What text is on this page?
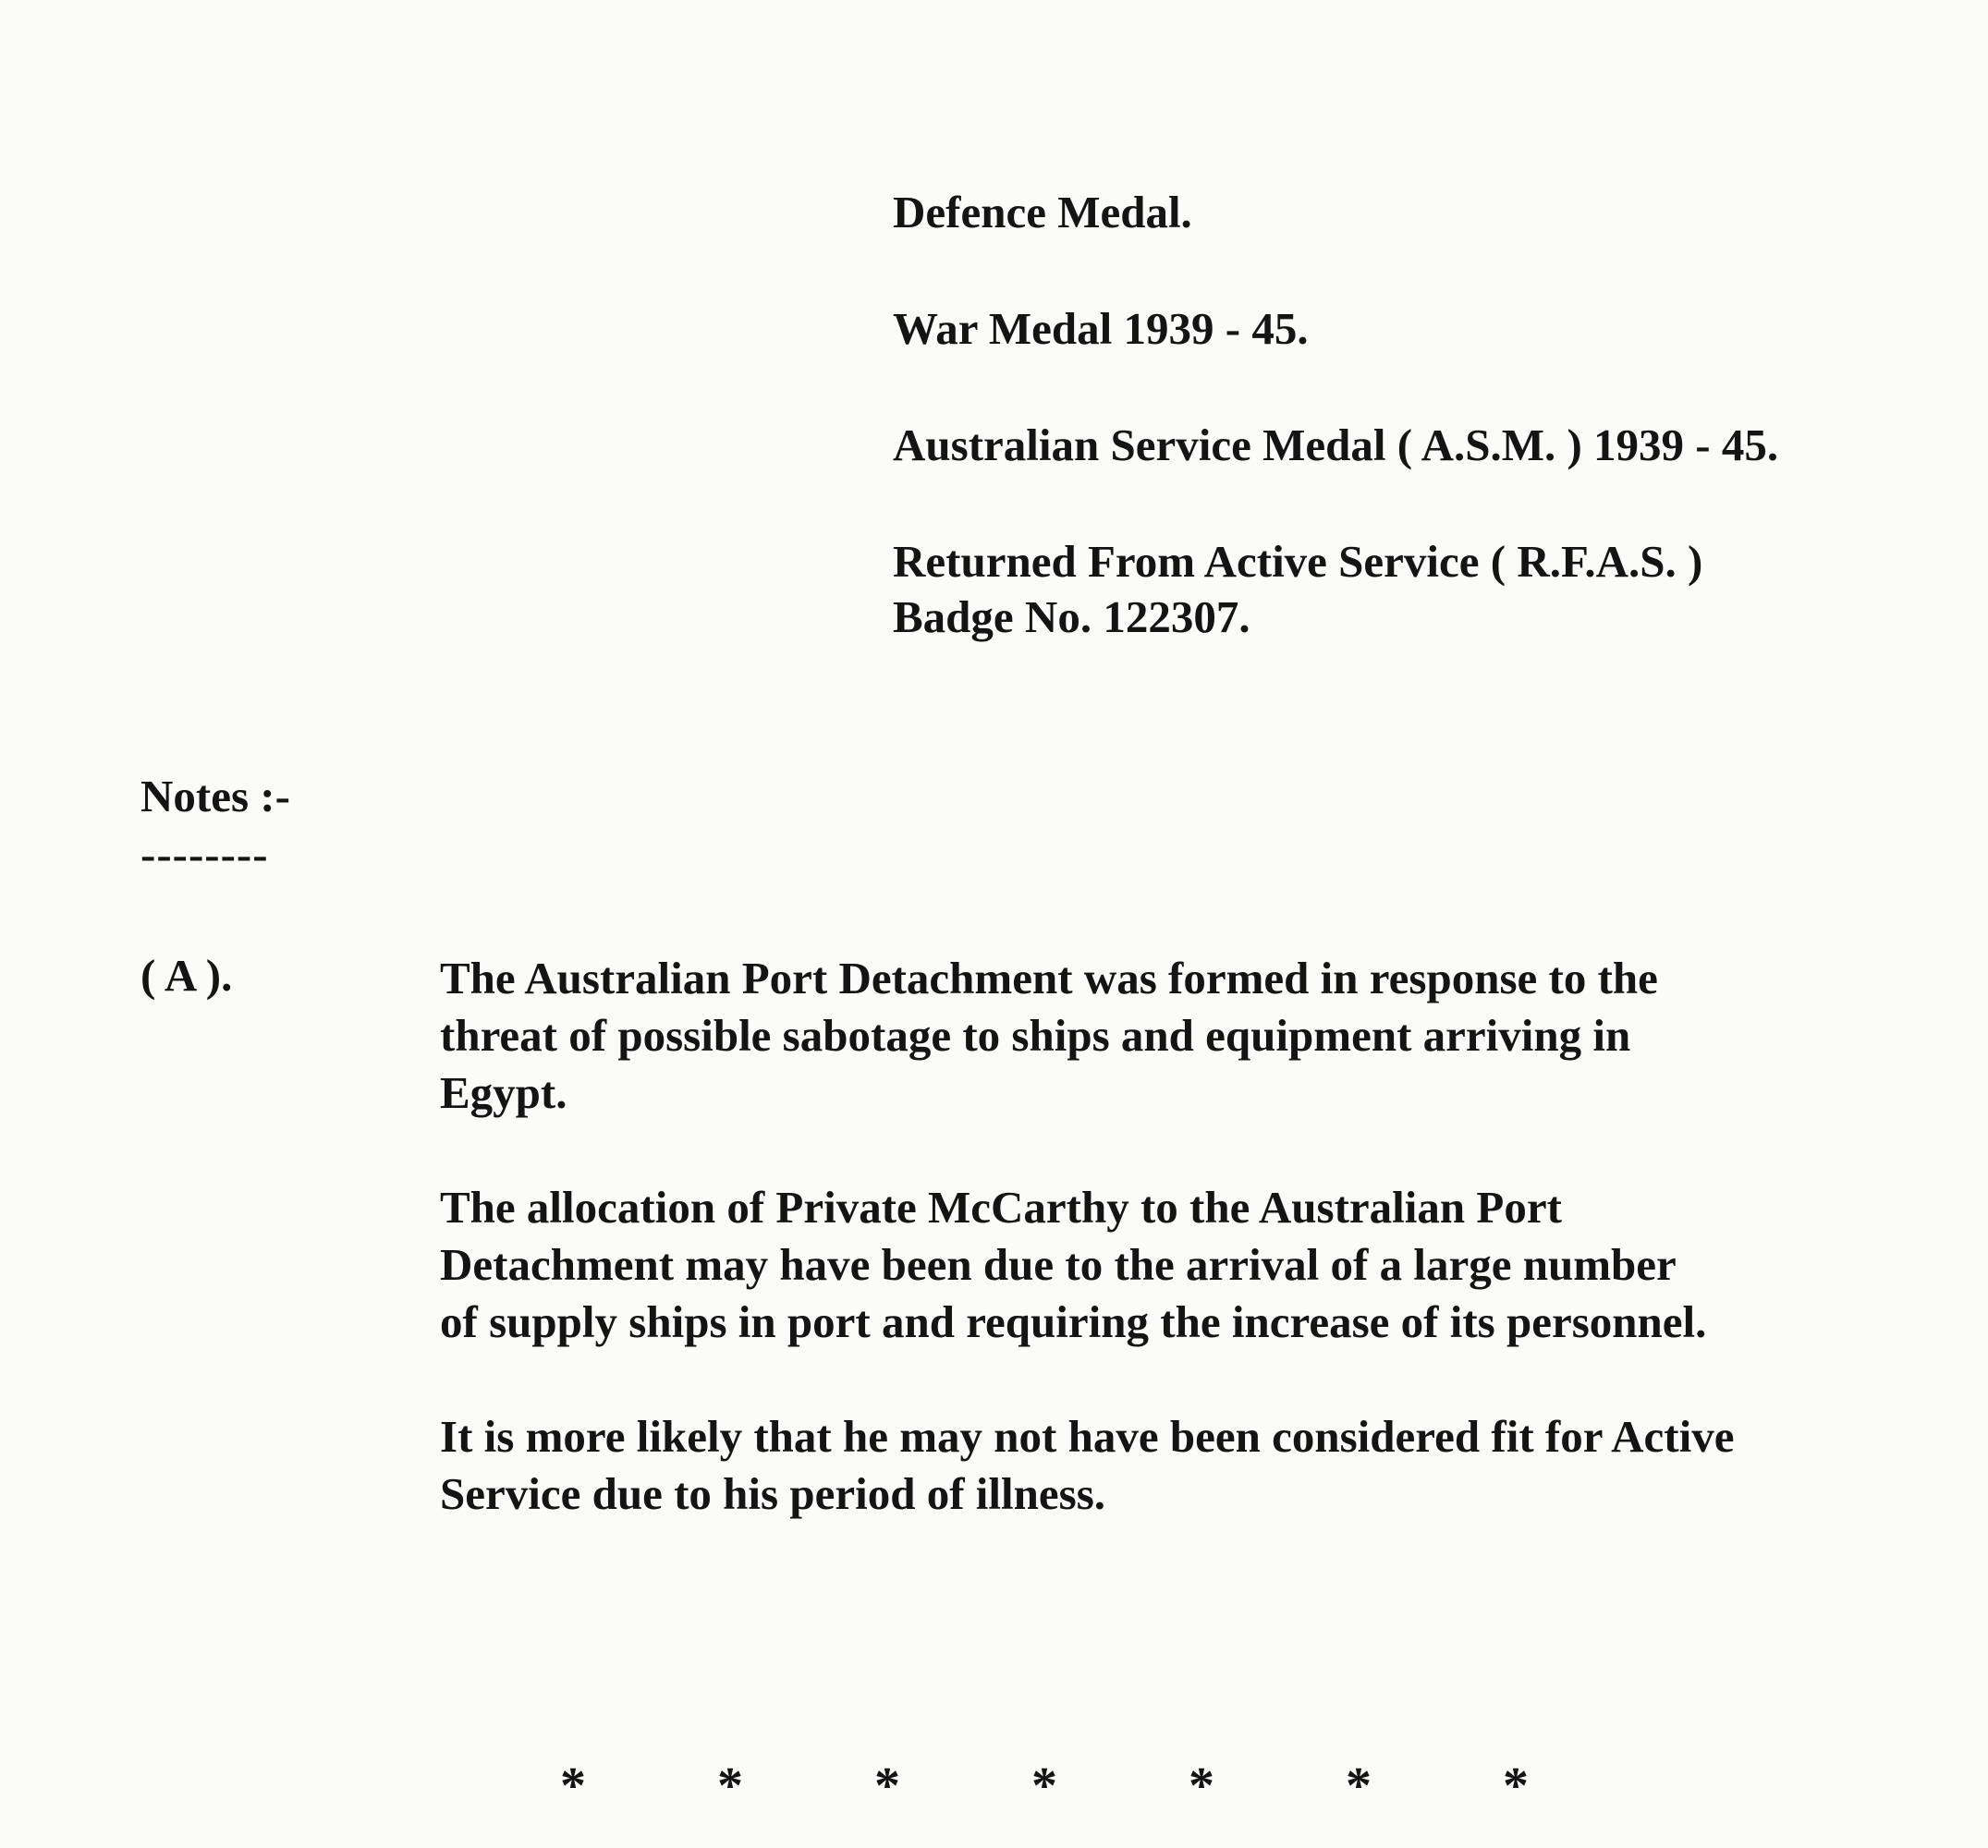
Defence Medal.
War Medal 1939 - 45.
Australian Service Medal ( A.S.M. ) 1939 - 45.
Returned From Active Service ( R.F.A.S. )
Badge No. 122307.
Notes :-
--------
( A ).	The Australian Port Detachment was formed in response to the
threat of possible sabotage to ships and equipment arriving in
Egypt.
The allocation of Private McCarthy to the Australian Port
Detachment may have been due to the arrival of a large number
of supply ships in port and requiring the increase of its personnel.
It is more likely that he may not have been considered fit for Active
Service due to his period of illness.
*	*	*	*	*	*	*
